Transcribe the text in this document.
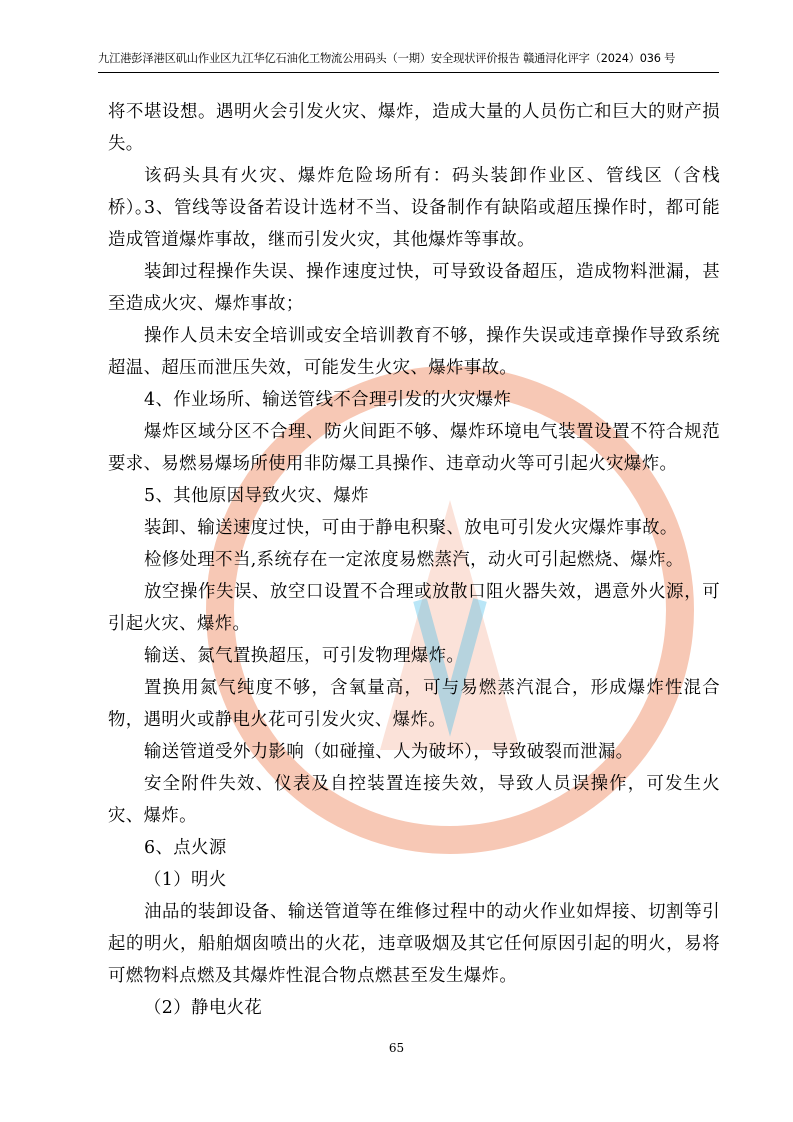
九江港彭泽港区矶山作业区九江华亿石油化工物流公用码头（一期）安全现状评价报告 赣通浔化评字（2024）036 号
将不堪设想。遇明火会引发火灾、爆炸，造成大量的人员伤亡和巨大的财产损失。
该码头具有火灾、爆炸危险场所有：码头装卸作业区、管线区（含栈桥）。
3、管线等设备若设计选材不当、设备制作有缺陷或超压操作时，都可能造成管道爆炸事故，继而引发火灾，其他爆炸等事故。
装卸过程操作失误、操作速度过快，可导致设备超压，造成物料泄漏，甚至造成火灾、爆炸事故；
操作人员未安全培训或安全培训教育不够，操作失误或违章操作导致系统超温、超压而泄压失效，可能发生火灾、爆炸事故。
4、作业场所、输送管线不合理引发的火灾爆炸
爆炸区域分区不合理、防火间距不够、爆炸环境电气装置设置不符合规范要求、易燃易爆场所使用非防爆工具操作、违章动火等可引起火灾爆炸。
5、其他原因导致火灾、爆炸
装卸、输送速度过快，可由于静电积聚、放电可引发火灾爆炸事故。
检修处理不当,系统存在一定浓度易燃蒸汽，动火可引起燃烧、爆炸。
放空操作失误、放空口设置不合理或放散口阻火器失效，遇意外火源，可引起火灾、爆炸。
输送、氮气置换超压，可引发物理爆炸。
置换用氮气纯度不够，含氧量高，可与易燃蒸汽混合，形成爆炸性混合物，遇明火或静电火花可引发火灾、爆炸。
输送管道受外力影响（如碰撞、人为破坏），导致破裂而泄漏。
安全附件失效、仪表及自控装置连接失效，导致人员误操作，可发生火灾、爆炸。
6、点火源
（1）明火
油品的装卸设备、输送管道等在维修过程中的动火作业如焊接、切割等引起的明火，船舶烟囱喷出的火花，违章吸烟及其它任何原因引起的明火，易将可燃物料点燃及其爆炸性混合物点燃甚至发生爆炸。
（2）静电火花
65
